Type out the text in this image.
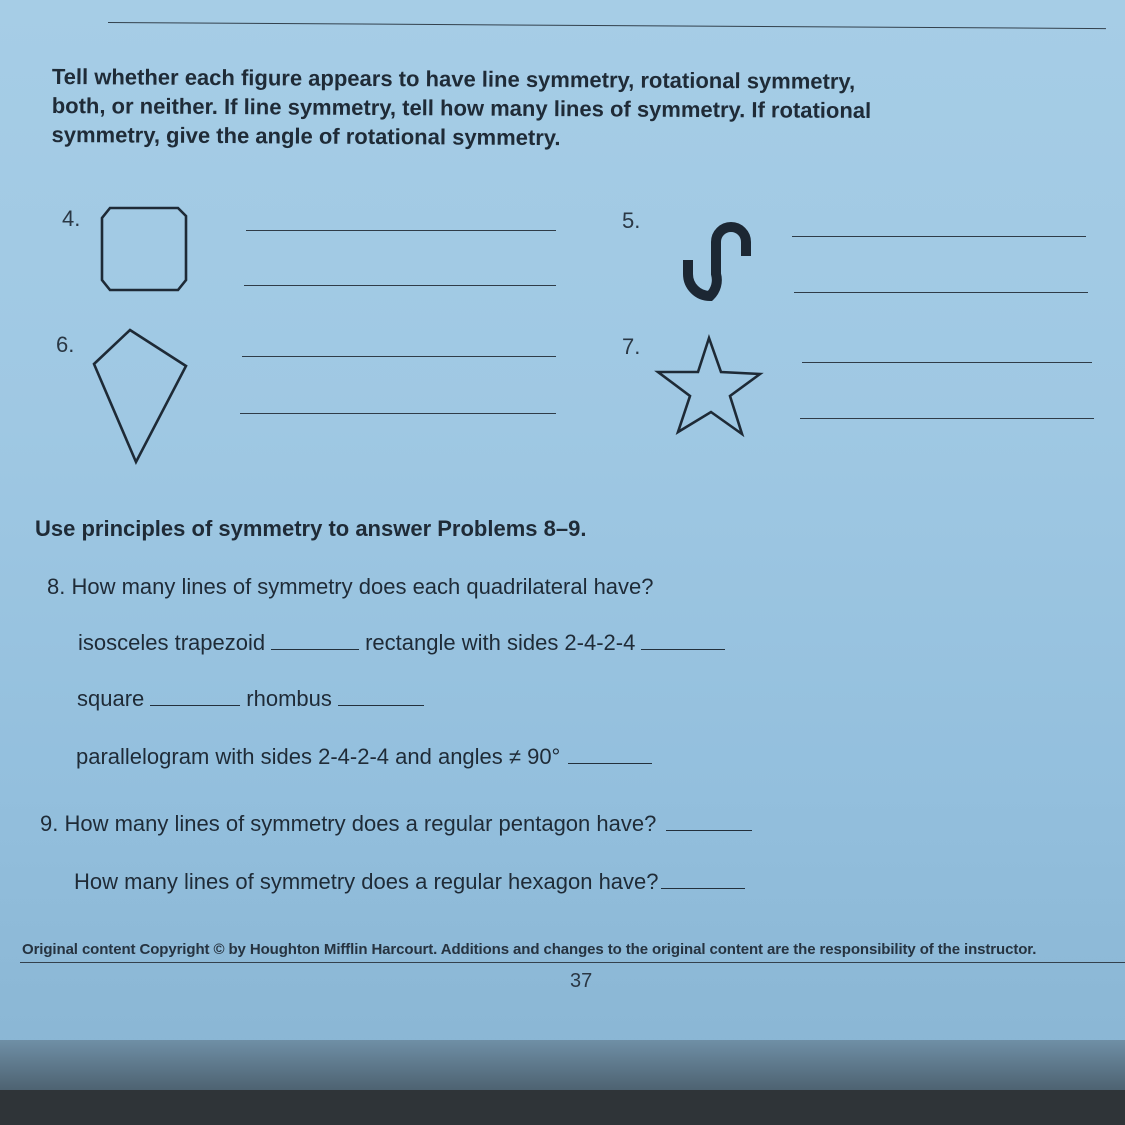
Tell whether each figure appears to have line symmetry, rotational symmetry, both, or neither. If line symmetry, tell how many lines of symmetry. If rotational symmetry, give the angle of rotational symmetry.
4.	5.
6.	7.
Use principles of symmetry to answer Problems 8–9.
8. How many lines of symmetry does each quadrilateral have?
isosceles trapezoid	rectangle with sides 2-4-2-4
square	rhombus
parallelogram with sides 2-4-2-4 and angles ≠ 90°
9. How many lines of symmetry does a regular pentagon have?
How many lines of symmetry does a regular hexagon have?
Original content Copyright © by Houghton Mifflin Harcourt. Additions and changes to the original content are the responsibility of the instructor.
37
